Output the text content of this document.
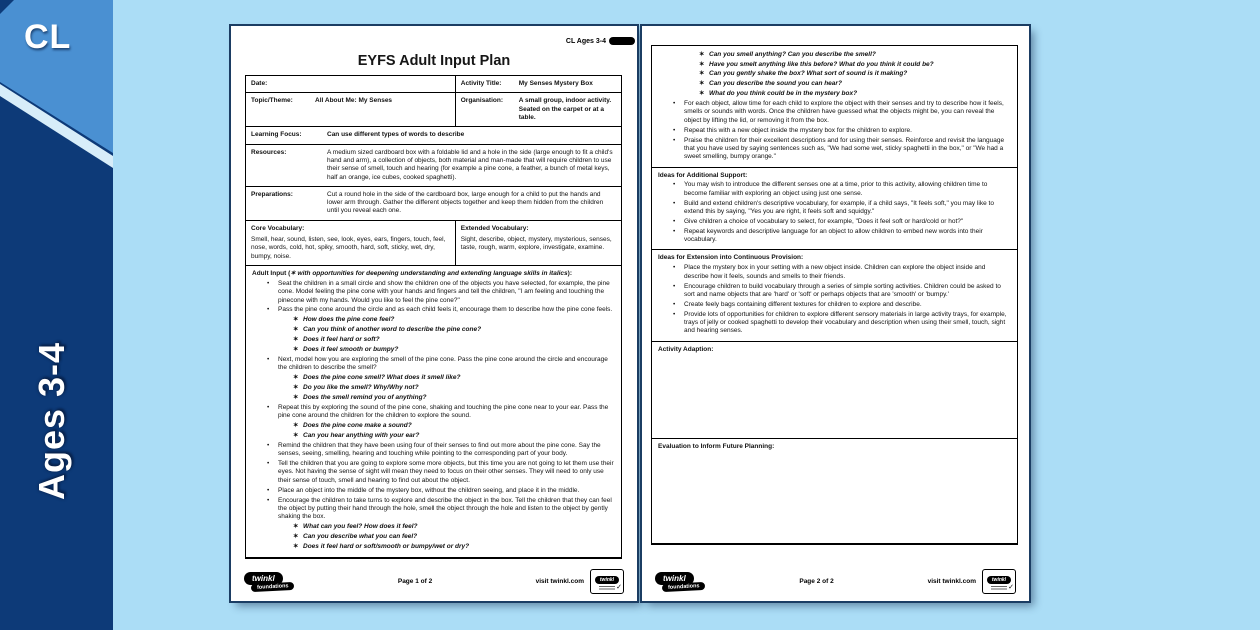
CL
Ages 3-4
CL Ages 3-4
EYFS Adult Input Plan
Date:	Activity Title:	My Senses Mystery Box
Topic/Theme:	All About Me: My Senses	Organisation:	A small group, indoor activity. Seated on the carpet or at a table.
Learning Focus:	Can use different types of words to describe
Resources:	A medium sized cardboard box with a foldable lid and a hole in the side (large enough to fit a child's hand and arm), a collection of objects, both material and man-made that will require children to use their sense of smell, touch and hearing (for example a pine cone, a feather, a bunch of metal keys, half an orange, ice cubes, cooked spaghetti).
Preparations:	Cut a round hole in the side of the cardboard box, large enough for a child to put the hands and lower arm through. Gather the different objects together and keep them hidden from the children until you reveal each one.
Core Vocabulary:
Smell, hear, sound, listen, see, look, eyes, ears, fingers, touch, feel, nose, words, cold, hot, spiky, smooth, hard, soft, sticky, wet, dry, bumpy, noise.
Extended Vocabulary:
Sight, describe, object, mystery, mysterious, senses, taste, rough, warm, explore, investigate, examine.
Adult Input (✶ with opportunities for deepening understanding and extending language skills in italics):
•	Seat the children in a small circle and show the children one of the objects you have selected, for example, the pine cone. Model feeling the pine cone with your hands and fingers and tell the children, "I am feeling and touching the pinecone with my hands. Would you like to feel the pine cone?"
•	Pass the pine cone around the circle and as each child feels it, encourage them to describe how the pine cone feels.
✶ How does the pine cone feel?
✶ Can you think of another word to describe the pine cone?
✶ Does it feel hard or soft?
✶ Does it feel smooth or bumpy?
•	Next, model how you are exploring the smell of the pine cone. Pass the pine cone around the circle and encourage the children to describe the smell?
✶ Does the pine cone smell? What does it smell like?
✶ Do you like the smell? Why/Why not?
✶ Does the smell remind you of anything?
•	Repeat this by exploring the sound of the pine cone, shaking and touching the pine cone near to your ear. Pass the pine cone around the children for the children to explore the sound.
✶ Does the pine cone make a sound?
✶ Can you hear anything with your ear?
•	Remind the children that they have been using four of their senses to find out more about the pine cone. Say the senses, seeing, smelling, hearing and touching while pointing to the corresponding part of your body.
•	Tell the children that you are going to explore some more objects, but this time you are not going to let them use their eyes. Not having the sense of sight will mean they need to focus on their other senses. They will need to only use their sense of touch, smell and hearing to find out about the object.
•	Place an object into the middle of the mystery box, without the children seeing, and place it in the middle.
•	Encourage the children to take turns to explore and describe the object in the box. Tell the children that they can feel the object by putting their hand through the hole, smell the object through the hole and listen to the object by gently shaking the box.
✶ What can you feel? How does it feel?
✶ Can you describe what you can feel?
✶ Does it feel hard or soft/smooth or bumpy/wet or dry?
twinkl
foundations
Page 1 of 2	visit twinkl.com	twinkl
✓
✶ Can you smell anything? Can you describe the smell?
✶ Have you smelt anything like this before? What do you think it could be?
✶ Can you gently shake the box? What sort of sound is it making?
✶ Can you describe the sound you can hear?
✶ What do you think could be in the mystery box?
•	For each object, allow time for each child to explore the object with their senses and try to describe how it feels, smells or sounds with words. Once the children have guessed what the objects might be, you can reveal the object by lifting the lid, or removing it from the box.
•	Repeat this with a new object inside the mystery box for the children to explore.
•	Praise the children for their excellent descriptions and for using their senses. Reinforce and revisit the language that you have used by saying sentences such as, "We had some wet, sticky spaghetti in the box," or "We had a sweet smelling, bumpy orange."
Ideas for Additional Support:
•	You may wish to introduce the different senses one at a time, prior to this activity, allowing children time to become familiar with exploring an object using just one sense.
•	Build and extend children's descriptive vocabulary, for example, if a child says, "It feels soft," you may like to extend this by saying, "Yes you are right, it feels soft and squidgy."
•	Give children a choice of vocabulary to select, for example, "Does it feel soft or hard/cold or hot?"
•	Repeat keywords and descriptive language for an object to allow children to embed new words into their vocabulary.
Ideas for Extension into Continuous Provision:
•	Place the mystery box in your setting with a new object inside. Children can explore the object inside and describe how it feels, sounds and smells to their friends.
•	Encourage children to build vocabulary through a series of simple sorting activities. Children could be asked to sort and name objects that are 'hard' or 'soft' or perhaps objects that are 'smooth' or 'bumpy.'
•	Create feely bags containing different textures for children to explore and describe.
•	Provide lots of opportunities for children to explore different sensory materials in large activity trays, for example, trays of jelly or cooked spaghetti to develop their vocabulary and description when using their smell, touch, sight and hearing senses.
Activity Adaption:
Evaluation to Inform Future Planning:
twinkl
foundations
Page 2 of 2	visit twinkl.com	twinkl
✓
